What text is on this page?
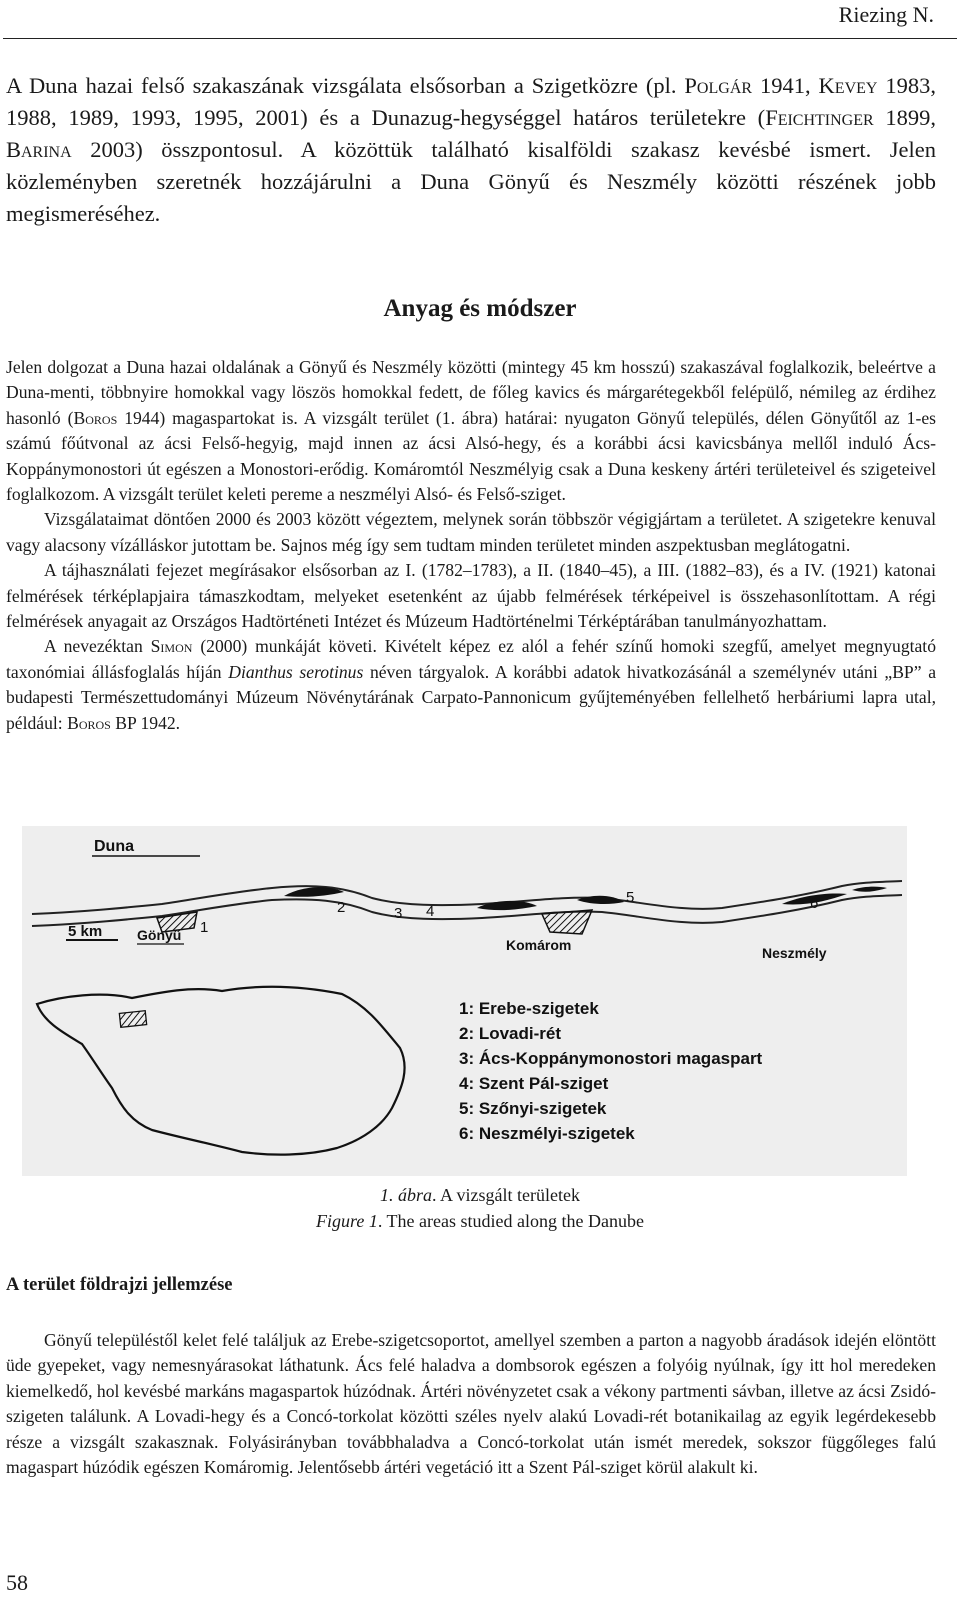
Riezing N.

A Duna hazai felső szakaszának vizsgálata elsősorban a Szigetközre (pl. Polgár 1941, Kevey 1983, 1988, 1989, 1993, 1995, 2001) és a Dunazug-hegységgel határos területekre (Feichtinger 1899, Barina 2003) összpontosul. A közöttük található kisalföldi szakasz kevésbé ismert. Jelen közleményben szeretnék hozzájárulni a Duna Gönyű és Neszmély közötti részének jobb megismeréséhez.

Anyag és módszer

Jelen dolgozat a Duna hazai oldalának a Gönyű és Neszmély közötti (mintegy 45 km hosszú) szakaszával foglalkozik, beleértve a Duna-menti, többnyire homokkal vagy löszös homokkal fedett, de főleg kavics és márgarétegekből felépülő, némileg az érdihez hasonló (Boros 1944) magaspartokat is. A vizsgált terület (1. ábra) határai: nyugaton Gönyű település, délen Gönyűtől az 1-es számú főútvonal az ácsi Felső-hegyig, majd innen az ácsi Alsó-hegy, és a korábbi ácsi kavicsbánya mellől induló Ács-Koppánymonostori út egészen a Monostori-erődig. Komáromtól Neszmélyig csak a Duna keskeny ártéri területeivel és szigeteivel foglalkozom. A vizsgált terület keleti pereme a neszmélyi Alsó- és Felső-sziget.

Vizsgálataimat döntően 2000 és 2003 között végeztem, melynek során többször végigjártam a területet. A szigetekre kenuval vagy alacsony vízálláskor jutottam be. Sajnos még így sem tudtam minden területet minden aszpektusban meglátogatni.

A tájhasználati fejezet megírásakor elsősorban az I. (1782–1783), a II. (1840–45), a III. (1882–83), és a IV. (1921) katonai felmérések térképlapjaira támaszkodtam, melyeket esetenként az újabb felmérések térképeivel is összehasonlítottam. A régi felmérések anyagait az Országos Hadtörténeti Intézet és Múzeum Hadtörténelmi Térképtárában tanulmányozhattam.

A nevezéktan Simon (2000) munkáját követi. Kivételt képez ez alól a fehér színű homoki szegfű, amelyet megnyugtató taxonómiai állásfoglalás híján Dianthus serotinus néven tárgyalok. A korábbi adatok hivatkozásánál a személynév utáni „BP” a budapesti Természettudományi Múzeum Növénytárának Carpato-Pannonicum gyűjteményében fellelhető herbáriumi lapra utal, például: Boros BP 1942.

Duna
5 km Gönyű
Komárom	Neszmély
1
2	3 4
5	6
1: Erebe-szigetek
2: Lovadi-rét
3: Ács-Koppánymonostori magaspart
4: Szent Pál-sziget
5: Szőnyi-szigetek
6: Neszmélyi-szigetek
1. ábra. A vizsgált területek
Figure 1. The areas studied along the Danube
A terület földrajzi jellemzése

Gönyű településtől kelet felé találjuk az Erebe-szigetcsoportot, amellyel szemben a parton a nagyobb áradások idején elöntött üde gyepeket, vagy nemesnyárasokat láthatunk. Ács felé haladva a dombsorok egészen a folyóig nyúlnak, így itt hol meredeken kiemelkedő, hol kevésbé markáns magaspartok húzódnak. Ártéri növényzetet csak a vékony partmenti sávban, illetve az ácsi Zsidó-szigeten találunk. A Lovadi-hegy és a Concó-torkolat közötti széles nyelv alakú Lovadi-rét botanikailag az egyik legérdekesebb része a vizsgált szakasznak. Folyásirányban továbbhaladva a Concó-torkolat után ismét meredek, sokszor függőleges falú magaspart húzódik egészen Komáromig. Jelentősebb ártéri vegetáció itt a Szent Pál-sziget körül alakult ki.

58
